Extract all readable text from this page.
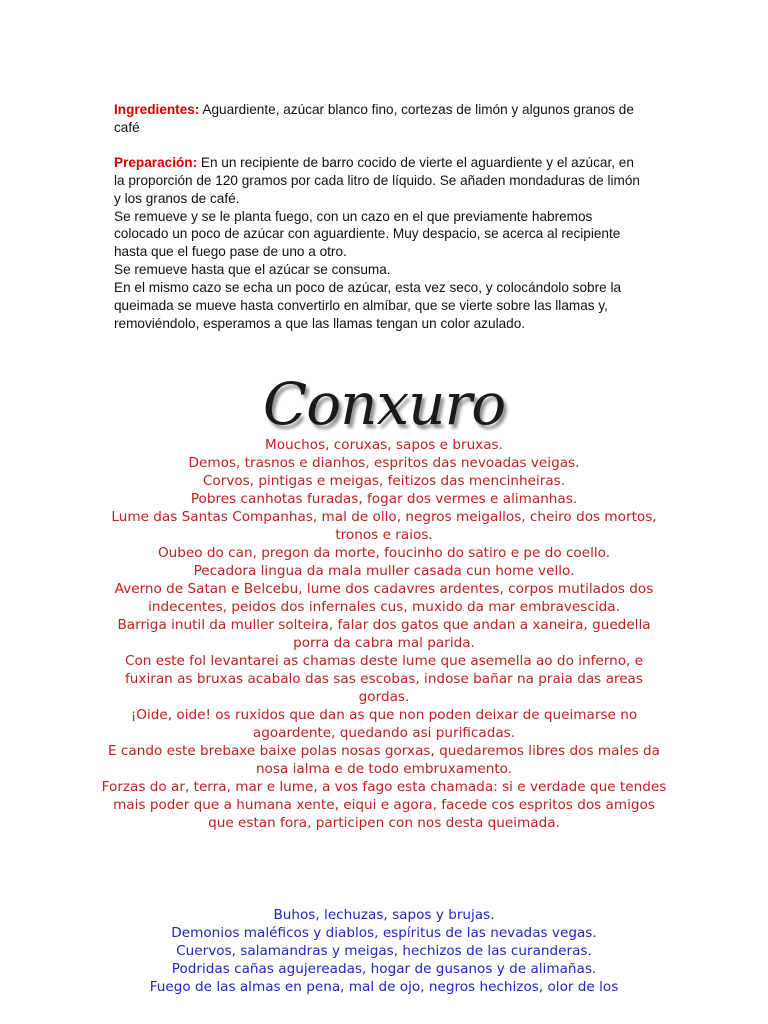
Ingredientes: Aguardiente, azúcar blanco fino, cortezas de limón y algunos granos de café

Preparación: En un recipiente de barro cocido de vierte el aguardiente y el azúcar, en la proporción de 120 gramos por cada litro de líquido. Se añaden mondaduras de limón y los granos de café.

Se remueve y se le planta fuego, con un cazo en el que previamente habremos colocado un poco de azúcar con aguardiente. Muy despacio, se acerca al recipiente hasta que el fuego pase de uno a otro.

Se remueve hasta que el azúcar se consuma.

En el mismo cazo se echa un poco de azúcar, esta vez seco, y colocándolo sobre la queimada se mueve hasta convertirlo en almíbar, que se vierte sobre las llamas y, removiéndolo, esperamos a que las llamas tengan un color azulado.

Conxuro

Mouchos, coruxas, sapos e bruxas.

Demos, trasnos e dianhos, espritos das nevoadas veigas.

Corvos, pintigas e meigas, feitizos das mencinheiras.

Pobres canhotas furadas, fogar dos vermes e alimanhas.

Lume das Santas Companhas, mal de ollo, negros meigallos, cheiro dos mortos, tronos e raios.

Oubeo do can, pregon da morte, foucinho do satiro e pe do coello.

Pecadora lingua da mala muller casada cun home vello.

Averno de Satan e Belcebu, lume dos cadavres ardentes, corpos mutilados dos indecentes, peidos dos infernales cus, muxido da mar embravescida.

Barriga inutil da muller solteira, falar dos gatos que andan a xaneira, guedella porra da cabra mal parida.

Con este fol levantarei as chamas deste lume que asemella ao do inferno, e fuxiran as bruxas acabalo das sas escobas, indose bañar na praia das areas gordas.

¡Oide, oide! os ruxidos que dan as que non poden deixar de queimarse no agoardente, quedando asi purificadas.

E cando este brebaxe baixe polas nosas gorxas, quedaremos libres dos males da nosa ialma e de todo embruxamento.

Forzas do ar, terra, mar e lume, a vos fago esta chamada: si e verdade que tendes mais poder que a humana xente, eiqui e agora, facede cos espritos dos amigos que estan fora, participen con nos desta queimada.

Buhos, lechuzas, sapos y brujas.

Demonios maléficos y diablos, espíritus de las nevadas vegas.

Cuervos, salamandras y meigas, hechizos de las curanderas.

Podridas cañas agujereadas, hogar de gusanos y de alimañas.

Fuego de las almas en pena, mal de ojo, negros hechizos, olor de los
